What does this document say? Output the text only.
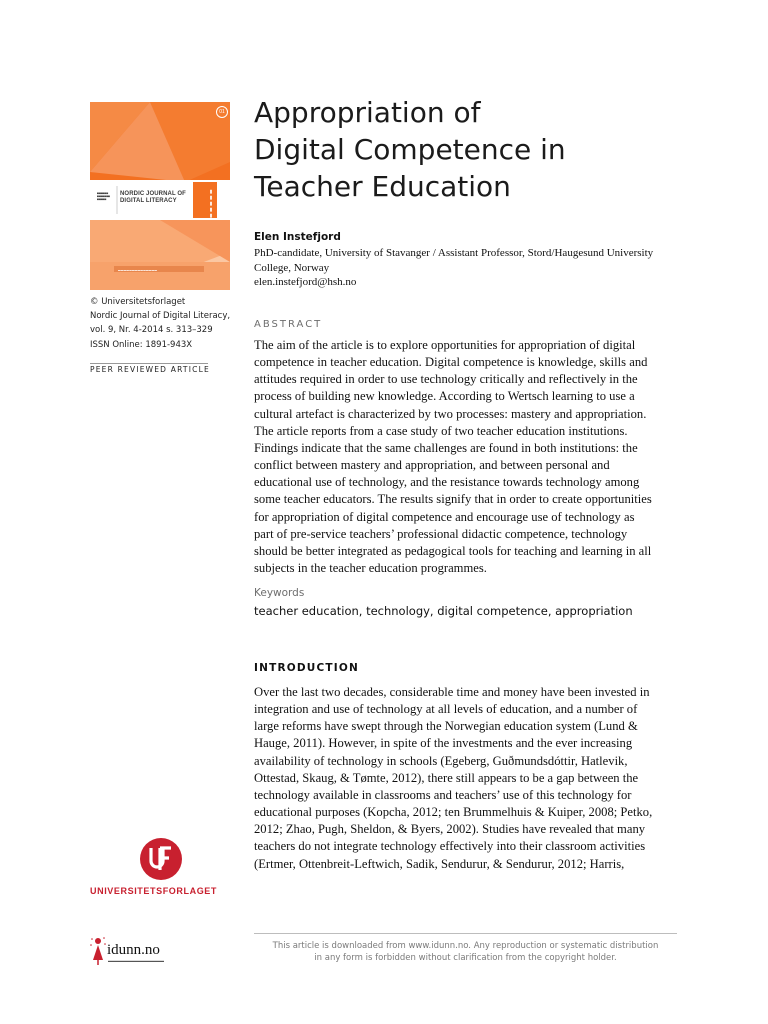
01
▀▀▀▀▀▀
▀▀▀▀▀▀▀
▀▀▀▀▀
NORDIC JOURNAL OF
DIGITAL LITERACY
SPECIAL ISSUE	▮▮▮▮▮
▬▬▬▬▬▬▬▬▬▬▬▬▬▬
© Universitetsforlaget
Nordic Journal of Digital Literacy,
vol. 9, Nr. 4-2014 s. 313–329
ISSN Online: 1891-943X
PEER REVIEWED ARTICLE
Appropriation of
Digital Competence in
Teacher Education
Elen Instefjord
PhD-candidate, University of Stavanger / Assistant Professor, Stord/Haugesund University
College, Norway
elen.instefjord@hsh.no
ABSTRACT
The aim of the article is to explore opportunities for appropriation of digital
competence in teacher education. Digital competence is knowledge, skills and
attitudes required in order to use technology critically and reflectively in the
process of building new knowledge. According to Wertsch learning to use a
cultural artefact is characterized by two processes: mastery and appropriation.
The article reports from a case study of two teacher education institutions.
Findings indicate that the same challenges are found in both institutions: the
conflict between mastery and appropriation, and between personal and
educational use of technology, and the resistance towards technology among
some teacher educators. The results signify that in order to create opportunities
for appropriation of digital competence and encourage use of technology as
part of pre-service teachers’ professional didactic competence, technology
should be better integrated as pedagogical tools for teaching and learning in all
subjects in the teacher education programmes.
Keywords
teacher education, technology, digital competence, appropriation
INTRODUCTION
Over the last two decades, considerable time and money have been invested in
integration and use of technology at all levels of education, and a number of
large reforms have swept through the Norwegian education system (Lund &
Hauge, 2011). However, in spite of the investments and the ever increasing
availability of technology in schools (Egeberg, Guðmundsdóttir, Hatlevik,
Ottestad, Skaug, & Tømte, 2012), there still appears to be a gap between the
technology available in classrooms and teachers’ use of this technology for
educational purposes (Kopcha, 2012; ten Brummelhuis & Kuiper, 2008; Petko,
2012; Zhao, Pugh, Sheldon, & Byers, 2002). Studies have revealed that many
teachers do not integrate technology effectively into their classroom activities
(Ertmer, Ottenbreit-Leftwich, Sadik, Sendurur, & Sendurur, 2012; Harris,
UNIVERSITETSFORLAGET
idunn.no
▬▬▬▬▬▬▬▬▬▬▬▬▬▬
This article is downloaded from www.idunn.no. Any reproduction or systematic distribution
in any form is forbidden without clarification from the copyright holder.
